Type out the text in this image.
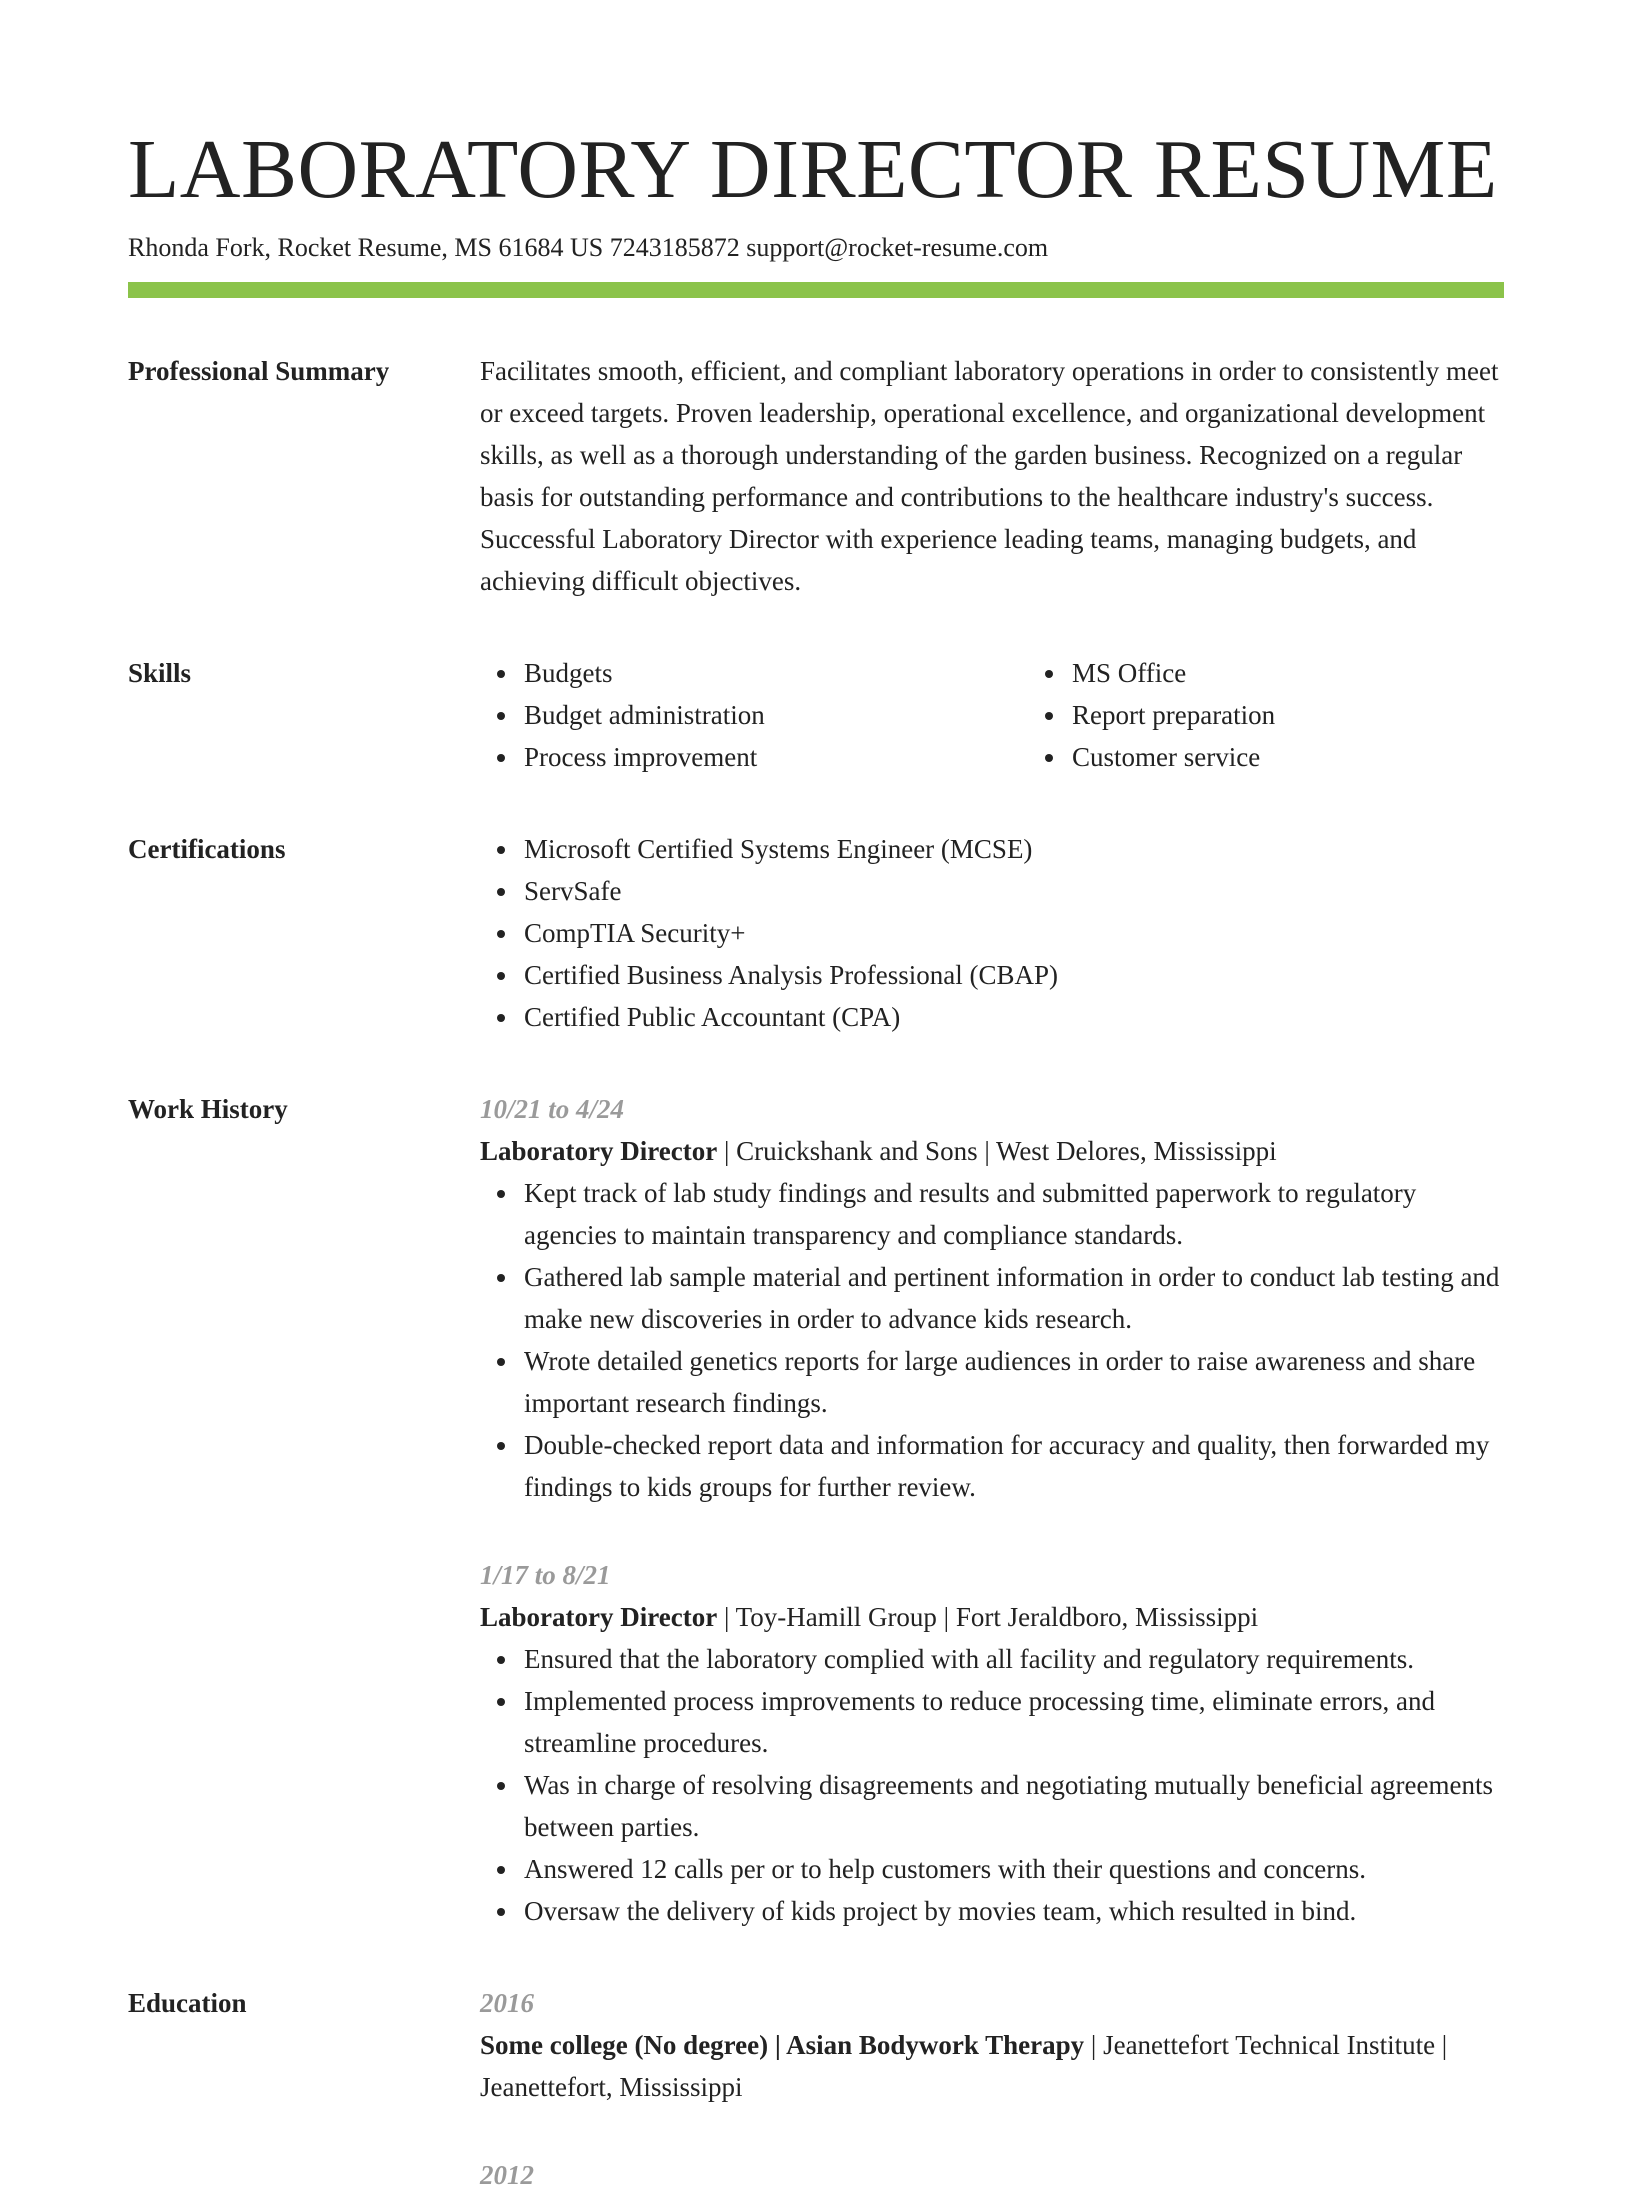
LABORATORY DIRECTOR RESUME
Rhonda Fork, Rocket Resume, MS 61684 US 7243185872 support@rocket-resume.com
Professional Summary	Facilitates smooth, efficient, and compliant laboratory operations in order to consistently meet or exceed targets. Proven leadership, operational excellence, and organizational development skills, as well as a thorough understanding of the garden business. Recognized on a regular basis for outstanding performance and contributions to the healthcare industry's success. Successful Laboratory Director with experience leading teams, managing budgets, and achieving difficult objectives.

Skills	Budgets
Budget administration
Process improvement
MS Office
Report preparation
Customer service
Certifications	Microsoft Certified Systems Engineer (MCSE)
ServSafe
CompTIA Security+
Certified Business Analysis Professional (CBAP)
Certified Public Accountant (CPA)
Work History	10/21 to 4/24
Laboratory Director | Cruickshank and Sons | West Delores, Mississippi
Kept track of lab study findings and results and submitted paperwork to regulatory agencies to maintain transparency and compliance standards.
Gathered lab sample material and pertinent information in order to conduct lab testing and make new discoveries in order to advance kids research.
Wrote detailed genetics reports for large audiences in order to raise awareness and share important research findings.
Double-checked report data and information for accuracy and quality, then forwarded my findings to kids groups for further review.
1/17 to 8/21
Laboratory Director | Toy-Hamill Group | Fort Jeraldboro, Mississippi
Ensured that the laboratory complied with all facility and regulatory requirements.
Implemented process improvements to reduce processing time, eliminate errors, and streamline procedures.
Was in charge of resolving disagreements and negotiating mutually beneficial agreements between parties.
Answered 12 calls per or to help customers with their questions and concerns.
Oversaw the delivery of kids project by movies team, which resulted in bind.
Education	2016
Some college (No degree) | Asian Bodywork Therapy | Jeanettefort Technical Institute | Jeanettefort, Mississippi
2012
